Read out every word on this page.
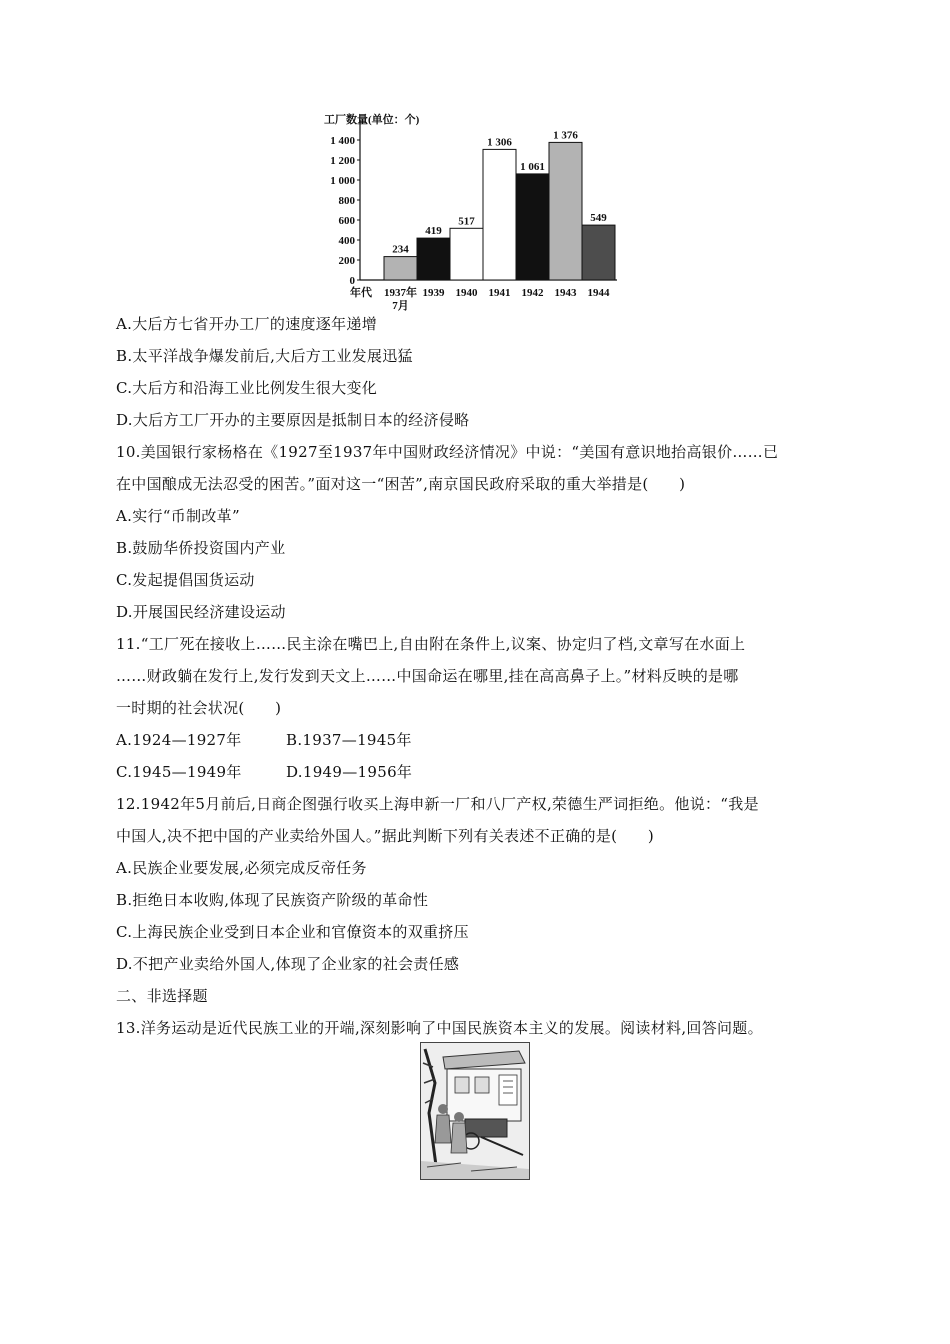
工厂数量(单位：个)
0
200
400
600
800
1 000
1 200
1 400
234
1937年
7月
419
1939
517
1940
1 306
1941
1 061
1942
1 376
1943
549
1944
年代
A.大后方七省开办工厂的速度逐年递增
B.太平洋战争爆发前后,大后方工业发展迅猛
C.大后方和沿海工业比例发生很大变化
D.大后方工厂开办的主要原因是抵制日本的经济侵略
10.美国银行家杨格在《1927至1937年中国财政经济情况》中说：“美国有意识地抬高银价……已
在中国酿成无法忍受的困苦。”面对这一“困苦”,南京国民政府采取的重大举措是(　　)
A.实行“币制改革”
B.鼓励华侨投资国内产业
C.发起提倡国货运动
D.开展国民经济建设运动
11.“工厂死在接收上……民主涂在嘴巴上,自由附在条件上,议案、协定归了档,文章写在水面上
……财政躺在发行上,发行发到天文上……中国命运在哪里,挂在高高鼻子上。”材料反映的是哪
一时期的社会状况(　　)
A.1924—1927年	B.1937—1945年
C.1945—1949年	D.1949—1956年
12.1942年5月前后,日商企图强行收买上海申新一厂和八厂产权,荣德生严词拒绝。他说：“我是
中国人,决不把中国的产业卖给外国人。”据此判断下列有关表述不正确的是(　　)
A.民族企业要发展,必须完成反帝任务
B.拒绝日本收购,体现了民族资产阶级的革命性
C.上海民族企业受到日本企业和官僚资本的双重挤压
D.不把产业卖给外国人,体现了企业家的社会责任感
二、非选择题
13.洋务运动是近代民族工业的开端,深刻影响了中国民族资本主义的发展。阅读材料,回答问题。
